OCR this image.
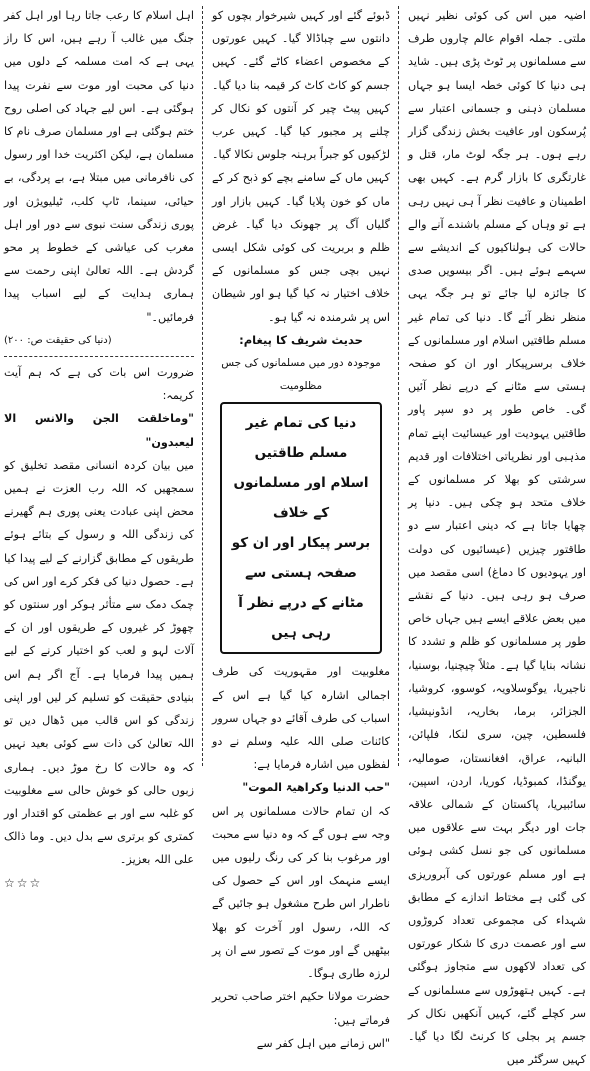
اضیہ میں اس کی کوئی نظیر نہیں ملتی۔ جملہ اقوام عالم چاروں طرف سے مسلمانوں پر ٹوٹ پڑی ہیں۔ شاید ہی دنیا کا کوئی خطہ ایسا ہو جہاں مسلمان ذہنی و جسمانی اعتبار سے پُرسکون اور عافیت بخش زندگی گزار رہے ہوں۔ ہر جگہ لوٹ مار، قتل و غارتگری کا بازار گرم ہے۔ کہیں بھی اطمینان و عافیت نظر آ ہی نہیں رہی ہے تو وہاں کے مسلم باشندے آنے والے حالات کی ہولناکیوں کے اندیشے سے سہمے ہوئے ہیں۔ اگر بیسویں صدی کا جائزہ لیا جائے تو ہر جگہ یہی منظر نظر آئے گا۔ دنیا کی تمام غیر مسلم طاقتیں اسلام اور مسلمانوں کے خلاف برسرپیکار اور ان کو صفحہ ہستی سے مٹانے کے درپے نظر آئیں گی۔ خاص طور پر دو سپر پاور طاقتیں یہودیت اور عیسائیت اپنے تمام مذہبی اور نظریاتی اختلافات اور قدیم سرشتی کو بھلا کر مسلمانوں کے خلاف متحد ہو چکی ہیں۔ دنیا پر چھایا جاتا ہے کہ دینی اعتبار سے دو طاقتور چیزیں (عیسائیوں کی دولت اور یہودیوں کا دماغ) اسی مقصد میں صرف ہو رہی ہیں۔ دنیا کے نقشے میں بعض علاقے ایسے ہیں جہاں خاص طور پر مسلمانوں کو ظلم و تشدد کا نشانہ بنایا گیا ہے۔ مثلاً چیچنیا، بوسنیا، ناجیریا، یوگوسلاویہ، کوسوو، کروشیا، الجزائر، برما، بخاریہ، انڈونیشیا، فلسطین، چین، سری لنکا، فلپائن، البانیہ، عراق، افغانستان، صومالیہ، یوگنڈا، کمبوڈیا، کوریا، اردن، اسپین، سائبیریا، پاکستان کے شمالی علاقہ جات اور دیگر بہت سے علاقوں میں مسلمانوں کی جو نسل کشی ہوئی ہے اور مسلم عورتوں کی آبروریزی کی گئی ہے مختاط اندازے کے مطابق شہداء کی مجموعی تعداد کروڑوں سے اور عصمت دری کا شکار عورتوں کی تعداد لاکھوں سے متجاوز ہوگئی ہے۔ کہیں ہتھوڑوں سے مسلمانوں کے سر کچلے گئے، کہیں آنکھیں نکال کر جسم پر بجلی کا کرنٹ لگا دیا گیا۔ کہیں سرگٹر میں

ڈبوئے گئے اور کہیں شیرخوار بچوں کو دانتوں سے چباڈالا گیا۔ کہیں عورتوں کے مخصوص اعضاء کاٹے گئے۔ کہیں جسم کو کاٹ کاٹ کر قیمہ بنا دیا گیا۔ کہیں پیٹ چیر کر آنتوں کو نکال کر چلنے پر مجبور کیا گیا۔ کہیں عرب لڑکیوں کو جبراً برہنہ جلوس نکالا گیا۔ کہیں ماں کے سامنے بچے کو ذبح کر کے ماں کو خون پلایا گیا۔ کہیں بازار اور گلیاں آگ پر جھونک دیا گیا۔ غرض ظلم و بربریت کی کوئی شکل ایسی نہیں بچی جس کو مسلمانوں کے خلاف اختیار نہ کیا گیا ہو اور شیطان اس پر شرمندہ نہ گیا ہو۔

حدیث شریف کا پیغام:

موجودہ دور میں مسلمانوں کی جس مظلومیت

دنیا کی تمام غیر مسلم طاقتیں
اسلام اور مسلمانوں کے خلاف
برسر پیکار اور ان کو صفحہ ہستی سے
مٹانے کے درپے نظر آ رہی ہیں

مغلوبیت اور مقہوریت کی طرف اجمالی اشارہ کیا گیا ہے اس کے اسباب کی طرف آقائے دو جہاں سرور کائنات صلی اللہ علیہ وسلم نے دو لفظوں میں اشارہ فرمایا ہے:

"حب الدنیا وکراھیۃ الموت"

کہ ان تمام حالات مسلمانوں پر اس وجہ سے ہوں گے کہ وہ دنیا سے محبت اور مرغوب بنا کر کی رنگ رلیوں میں ایسے منہمک اور اس کے حصول کی ناطرار اس طرح مشغول ہو جائیں گے کہ اللہ، رسول اور آخرت کو بھلا بیٹھیں گے اور موت کے تصور سے ان پر لرزہ طاری ہوگا۔

حضرت مولانا حکیم اختر صاحب تحریر فرماتے ہیں:

"اس زمانے میں اہل کفر سے

اہل اسلام کا رعب جاتا رہا اور اہل کفر جنگ میں غالب آ رہے ہیں، اس کا راز یہی ہے کہ امت مسلمہ کے دلوں میں دنیا کی محبت اور موت سے نفرت پیدا ہوگئی ہے۔ اس لیے جہاد کی اصلی روح ختم ہوگئی ہے اور مسلمان صرف نام کا مسلمان ہے، لیکن اکثریت خدا اور رسول کی نافرمانی میں مبتلا ہے، بے پردگی، بے حیائی، سینما، ٹاپ کلب، ٹیلیویژن اور پوری زندگی سنت نبوی سے دور اور اہل مغرب کی عیاشی کے خطوط پر محو گردش ہے۔ اللہ تعالیٰ اپنی رحمت سے ہماری ہدایت کے لیے اسباب پیدا فرمائیں۔"

(دنیا کی حقیقت ص: ۲۰۰)

ضرورت اس بات کی ہے کہ ہم آیت کریمہ:

"وماخلقت الجن والانس الا لیعبدون"

میں بیان کردہ انسانی مقصد تخلیق کو سمجھیں کہ اللہ رب العزت نے ہمیں محض اپنی عبادت یعنی پوری ہم گھیرنے کی زندگی اللہ و رسول کے بتائے ہوئے طریقوں کے مطابق گزارنے کے لیے پیدا کیا ہے۔ حصول دنیا کی فکر کرے اور اس کی چمک دمک سے متأثر ہوکر اور سنتوں کو چھوڑ کر غیروں کے طریقوں اور ان کے آلات لہو و لعب کو اختیار کرنے کے لیے ہمیں پیدا فرمایا ہے۔ آج اگر ہم اس بنیادی حقیقت کو تسلیم کر لیں اور اپنی زندگی کو اس قالب میں ڈھال دیں تو اللہ تعالیٰ کی ذات سے کوئی بعید نہیں کہ وہ حالات کا رخ موڑ دیں۔ ہماری زبوں حالی کو خوش حالی سے مغلوبیت کو غلبہ سے اور بے عظمتی کو اقتدار اور کمتری کو برتری سے بدل دیں۔ وما ذالک علی اللہ بعزیز۔

☆☆☆
